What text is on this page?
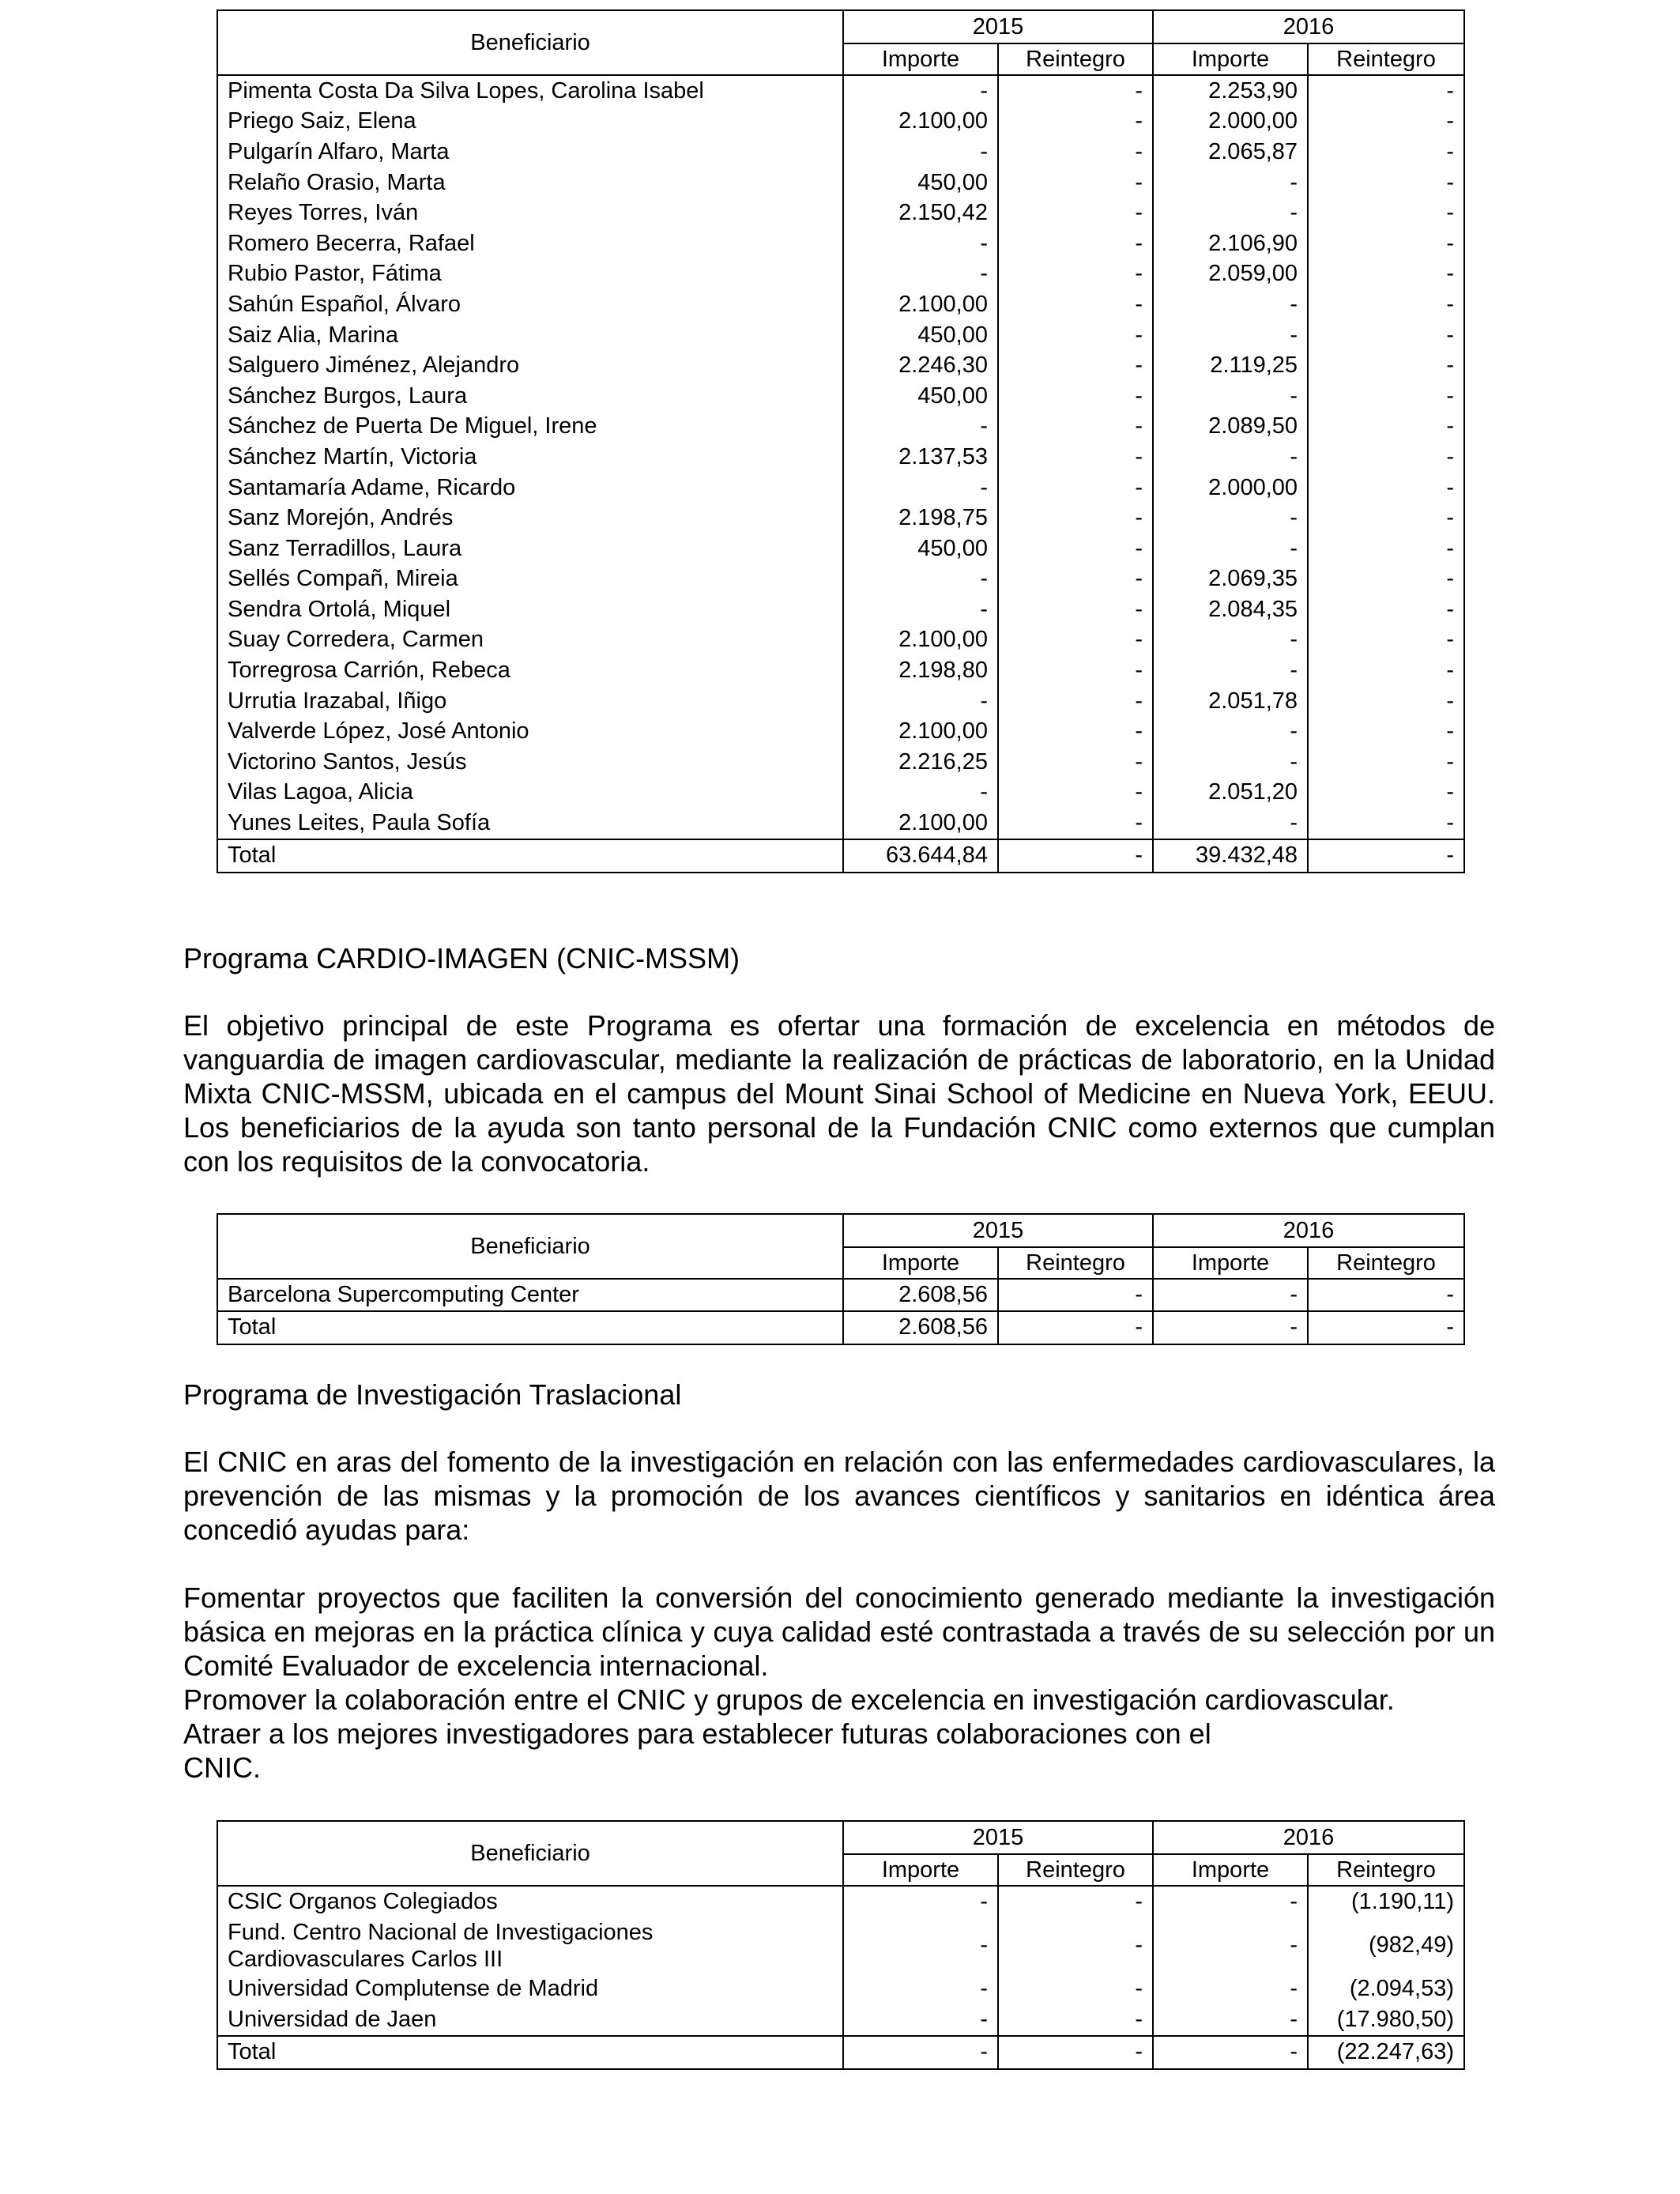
Beneficiario	2015		2016	
	Importe	Reintegro	Importe	Reintegro
Pimenta Costa Da Silva Lopes, Carolina Isabel	-	-	2.253,90	-
Priego Saiz, Elena	2.100,00	-	2.000,00	-
Pulgarín Alfaro, Marta	-	-	2.065,87	-
Relaño Orasio, Marta	450,00	-	-	-
Reyes Torres, Iván	2.150,42	-	-	-
Romero Becerra, Rafael	-	-	2.106,90	-
Rubio Pastor, Fátima	-	-	2.059,00	-
Sahún Español, Álvaro	2.100,00	-	-	-
Saiz Alia, Marina	450,00	-	-	-
Salguero Jiménez, Alejandro	2.246,30	-	2.119,25	-
Sánchez Burgos, Laura	450,00	-	-	-
Sánchez de Puerta De Miguel, Irene	-	-	2.089,50	-
Sánchez Martín, Victoria	2.137,53	-	-	-
Santamaría Adame, Ricardo	-	-	2.000,00	-
Sanz Morejón, Andrés	2.198,75	-	-	-
Sanz Terradillos, Laura	450,00	-	-	-
Sellés Compañ, Mireia	-	-	2.069,35	-
Sendra Ortolá, Miquel	-	-	2.084,35	-
Suay Corredera, Carmen	2.100,00	-	-	-
Torregrosa Carrión, Rebeca	2.198,80	-	-	-
Urrutia Irazabal, Iñigo	-	-	2.051,78	-
Valverde López, José Antonio	2.100,00	-	-	-
Victorino Santos, Jesús	2.216,25	-	-	-
Vilas Lagoa, Alicia	-	-	2.051,20	-
Yunes Leites, Paula Sofía	2.100,00	-	-	-
Total	63.644,84	-	39.432,48	-
Programa CARDIO-IMAGEN (CNIC-MSSM)
El objetivo principal de este Programa es ofertar una formación de excelencia en métodos de vanguardia de imagen cardiovascular, mediante la realización de prácticas de laboratorio, en la Unidad Mixta CNIC-MSSM, ubicada en el campus del Mount Sinai School of Medicine en Nueva York, EEUU. Los beneficiarios de la ayuda son tanto personal de la Fundación CNIC como externos que cumplan con los requisitos de la convocatoria.
Beneficiario	2015		2016	
	Importe	Reintegro	Importe	Reintegro
Barcelona Supercomputing Center	2.608,56	-	-	-
Total	2.608,56	-	-	-
Programa de Investigación Traslacional
El CNIC en aras del fomento de la investigación en relación con las enfermedades cardiovasculares, la prevención de las mismas y la promoción de los avances científicos y sanitarios en idéntica área concedió ayudas para:
Fomentar proyectos que faciliten la conversión del conocimiento generado mediante la investigación básica en mejoras en la práctica clínica y cuya calidad esté contrastada a través de su selección por un Comité Evaluador de excelencia internacional.
Promover la colaboración entre el CNIC y grupos de excelencia en investigación cardiovascular.
Atraer a los mejores investigadores para establecer futuras colaboraciones con el
CNIC.
Beneficiario	2015		2016	
	Importe	Reintegro	Importe	Reintegro
CSIC Organos Colegiados	-	-	-	(1.190,11)
Fund. Centro Nacional de Investigaciones Cardiovasculares Carlos III	-	-	-	(982,49)
Universidad Complutense de Madrid	-	-	-	(2.094,53)
Universidad de Jaen	-	-	-	(17.980,50)
Total	-	-	-	(22.247,63)
